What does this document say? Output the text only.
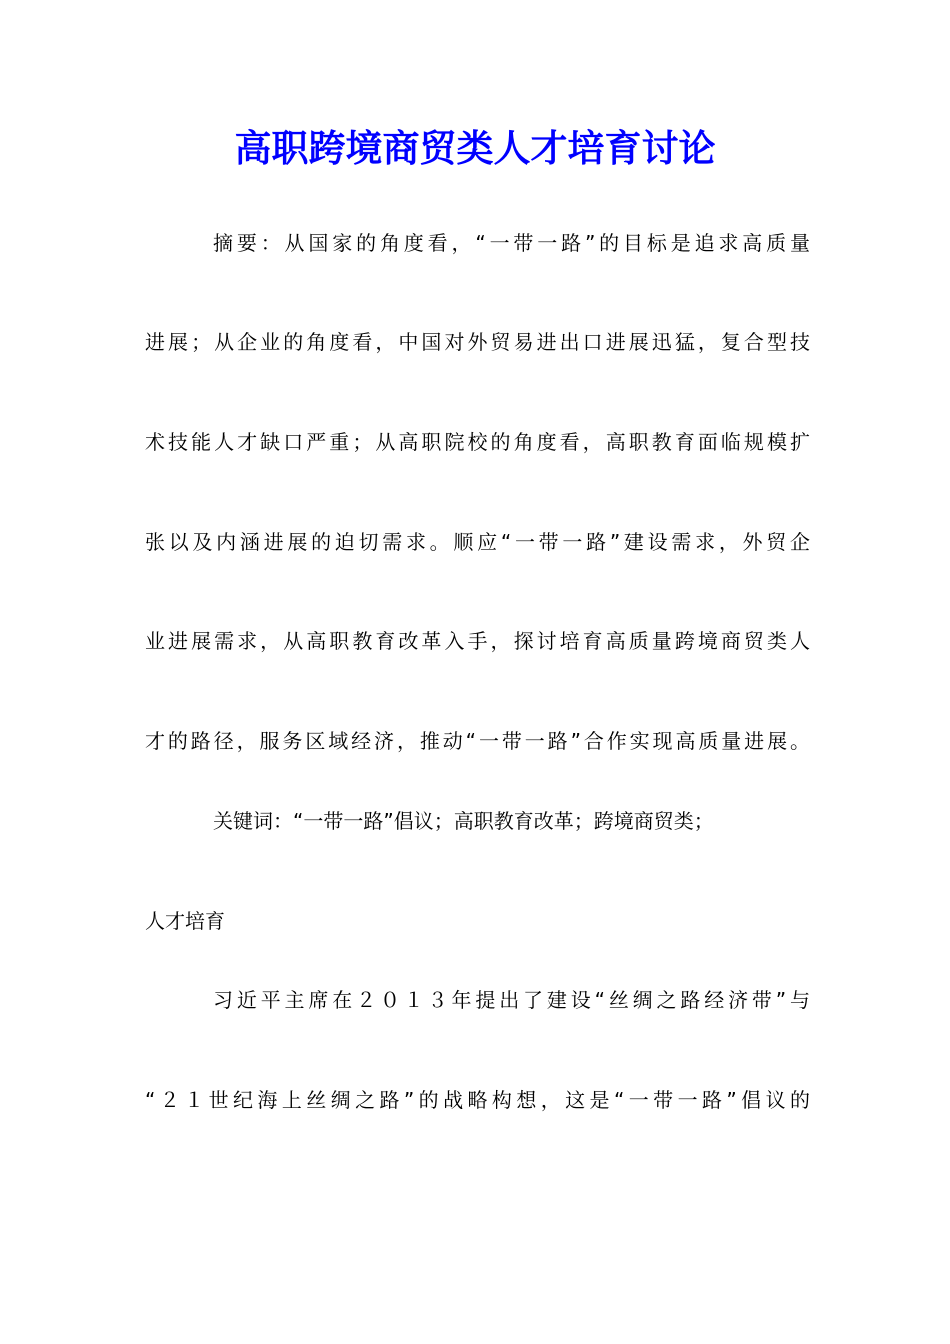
高职跨境商贸类人才培育讨论
摘要：从国家的角度看，“一带一路”的目标是追求高质量
进展；从企业的角度看，中国对外贸易进出口进展迅猛，复合型技
术技能人才缺口严重；从高职院校的角度看，高职教育面临规模扩
张以及内涵进展的迫切需求。顺应“一带一路”建设需求，外贸企
业进展需求，从高职教育改革入手，探讨培育高质量跨境商贸类人
才的路径，服务区域经济，推动“一带一路”合作实现高质量进展。
关键词：“一带一路”倡议；高职教育改革；跨境商贸类；
人才培育
习近平主席在２０１３年提出了建设“丝绸之路经济带”与
“２１世纪海上丝绸之路”的战略构想，这是“一带一路”倡议的
